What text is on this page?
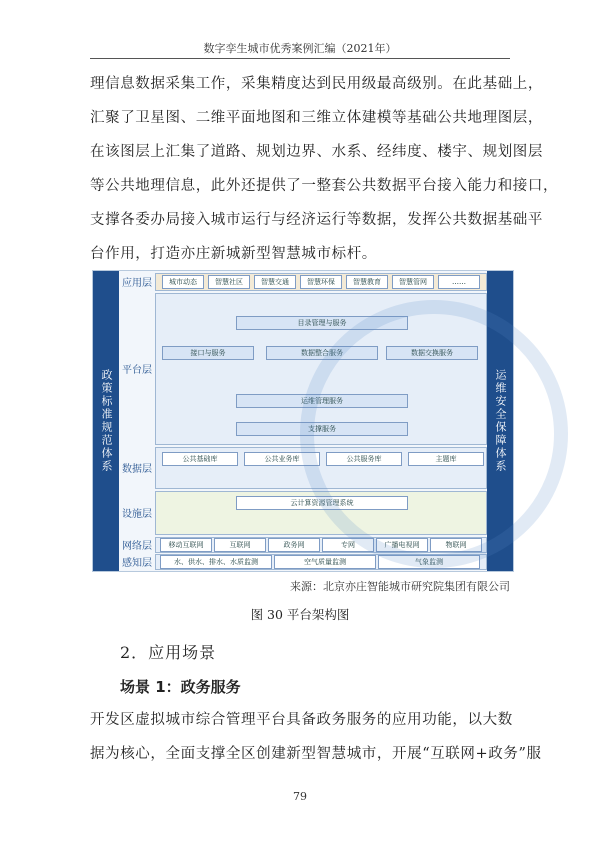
数字孪生城市优秀案例汇编（2021年）
理信息数据采集工作，采集精度达到民用级最高级别。在此基础上，
汇聚了卫星图、二维平面地图和三维立体建模等基础公共地理图层，
在该图层上汇集了道路、规划边界、水系、经纬度、楼宇、规划图层
等公共地理信息，此外还提供了一整套公共数据平台接入能力和接口，
支撑各委办局接入城市运行与经济运行等数据，发挥公共数据基础平
台作用，打造亦庄新城新型智慧城市标杆。
政策标准规范体系	运维安全保障体系
应用层	城市动态	智慧社区	智慧交通	智慧环保	智慧教育	智慧管网	……
平台层
目录管理与服务
接口与服务	数据整合服务	数据交换服务
运维管理服务
支撑服务
数据层
公共基础库	公共业务库	公共服务库	主题库
设施层
云计算资源管理系统
网络层	移动互联网	互联网	政务网	专网	广播电视网	物联网
感知层	水、供水、排水、水质监测	空气质量监测	气象监测
来源：北京亦庄智能城市研究院集团有限公司
图 30 平台架构图
2．应用场景
场景 1：政务服务
开发区虚拟城市综合管理平台具备政务服务的应用功能，以大数
据为核心，全面支撑全区创建新型智慧城市，开展“互联网+政务”服
79
